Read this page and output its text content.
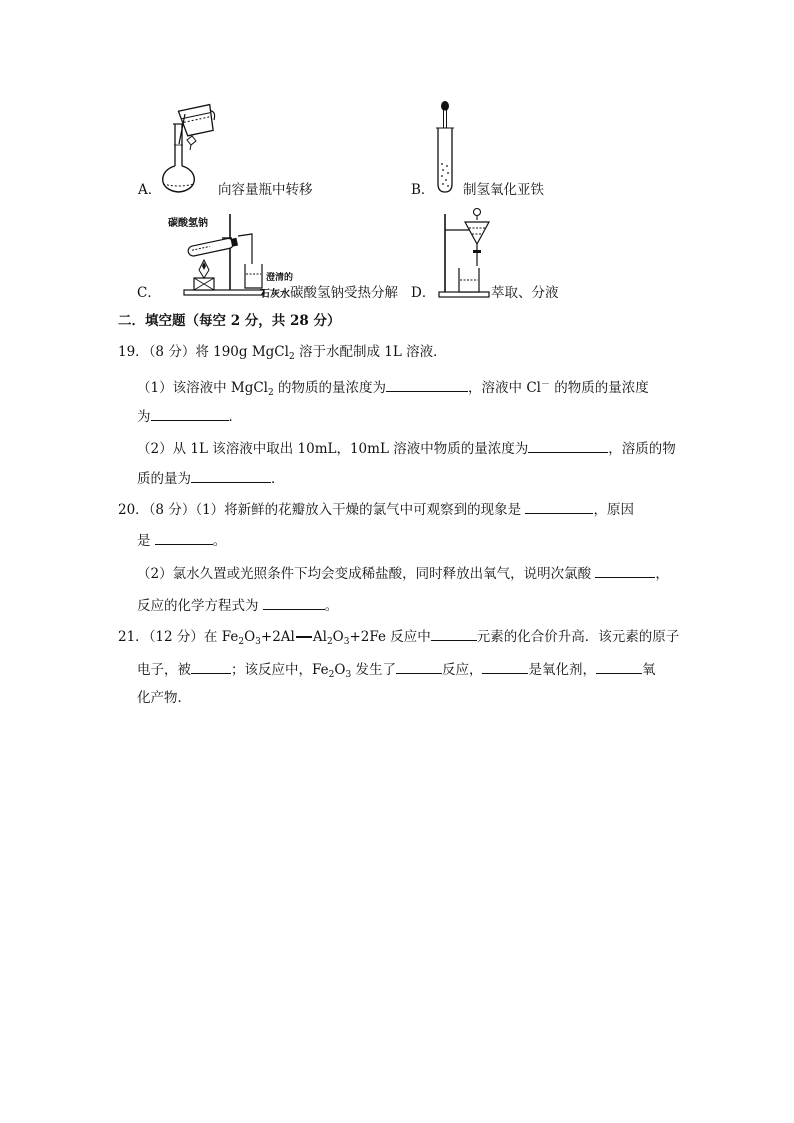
A．	向容量瓶中转移	B． 制氢氧化亚铁
碳酸氢钠
澄清的
C．	石灰水碳酸氢钠受热分解 D．	萃取、分液
二．填空题（每空 2 分，共 28 分）
19．（8 分）将 190g MgCl$_2$ 溶于水配制成 1L 溶液．
（1）该溶液中 MgCl$_2$ 的物质的量浓度为	，溶液中 Cl－ 的物质的量浓度
为	．
（2）从 1L 该溶液中取出 10mL，10mL 溶液中物质的量浓度为	，溶质的物
质的量为	．
20．（8 分）（1）将新鲜的花瓣放入干燥的氯气中可观察到的现象是	，原因
是	。
（2）氯水久置或光照条件下均会变成稀盐酸，同时释放出氧气，说明次氯酸	，
反应的化学方程式为	。
21．（12 分）在 $Fe_2O_3+2Al$ $Al_2O_3+2Fe$ 反应中	元素的化合价升高．该元素的原子
电子，被	；该反应中，$Fe_2O_3$ 发生了	反应，	是氧化剂，	氧
化产物．
